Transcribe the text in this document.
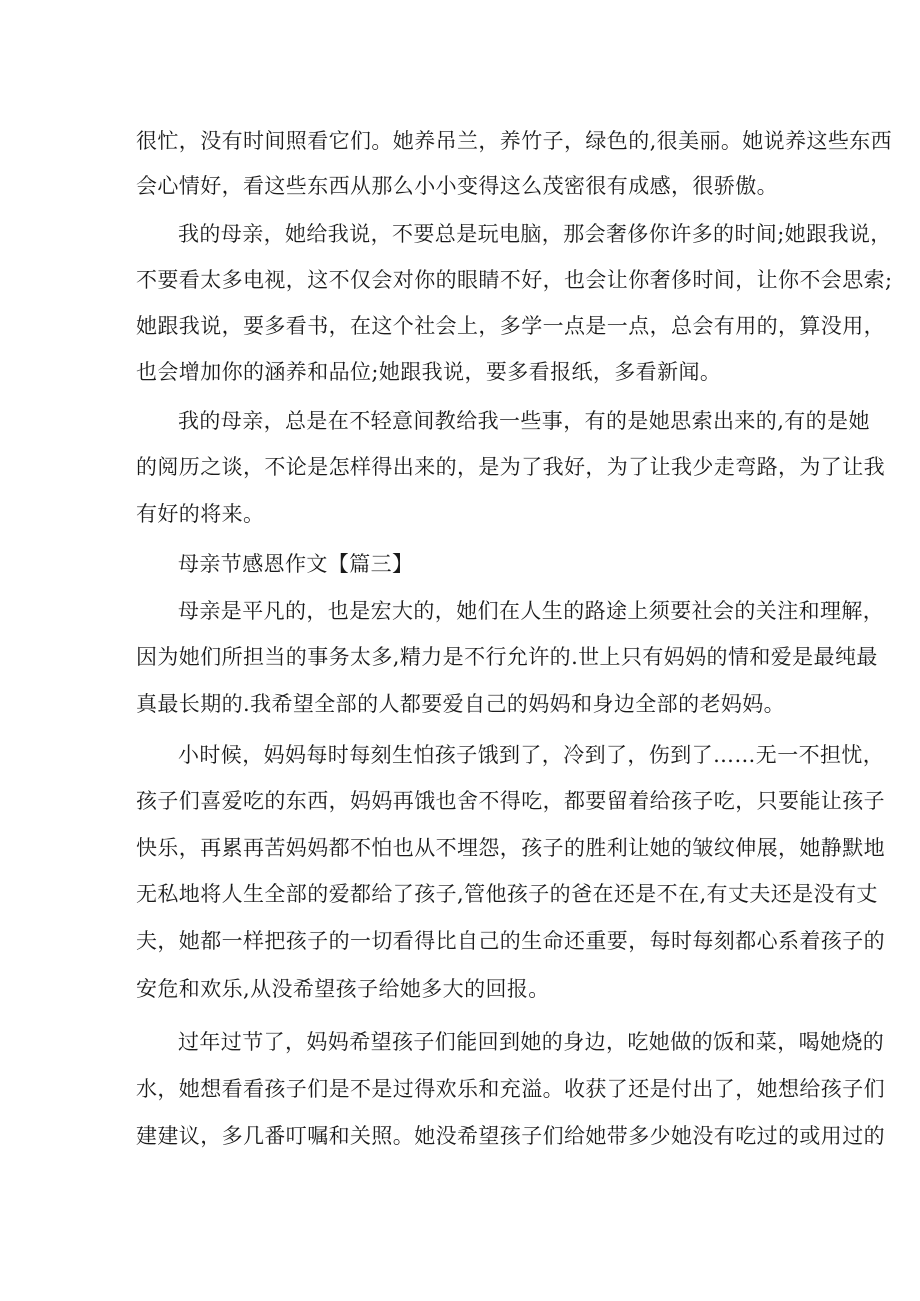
很忙，没有时间照看它们。她养吊兰，养竹子，绿色的,很美丽。她说养这些东西
会心情好，看这些东西从那么小小变得这么茂密很有成感，很骄傲。
我的母亲，她给我说，不要总是玩电脑，那会奢侈你许多的时间;她跟我说，
不要看太多电视，这不仅会对你的眼睛不好，也会让你奢侈时间，让你不会思索;
她跟我说，要多看书，在这个社会上，多学一点是一点，总会有用的，算没用，
也会增加你的涵养和品位;她跟我说，要多看报纸，多看新闻。
我的母亲，总是在不轻意间教给我一些事，有的是她思索出来的,有的是她
的阅历之谈，不论是怎样得出来的，是为了我好，为了让我少走弯路，为了让我
有好的将来。
母亲节感恩作文【篇三】
母亲是平凡的，也是宏大的，她们在人生的路途上须要社会的关注和理解，
因为她们所担当的事务太多,精力是不行允许的.世上只有妈妈的情和爱是最纯最
真最长期的.我希望全部的人都要爱自己的妈妈和身边全部的老妈妈。
小时候，妈妈每时每刻生怕孩子饿到了，冷到了，伤到了……无一不担忧，
孩子们喜爱吃的东西，妈妈再饿也舍不得吃，都要留着给孩子吃，只要能让孩子
快乐，再累再苦妈妈都不怕也从不埋怨，孩子的胜利让她的皱纹伸展，她静默地
无私地将人生全部的爱都给了孩子,管他孩子的爸在还是不在,有丈夫还是没有丈
夫，她都一样把孩子的一切看得比自己的生命还重要，每时每刻都心系着孩子的
安危和欢乐,从没希望孩子给她多大的回报。
过年过节了，妈妈希望孩子们能回到她的身边，吃她做的饭和菜，喝她烧的
水，她想看看孩子们是不是过得欢乐和充溢。收获了还是付出了，她想给孩子们
建建议，多几番叮嘱和关照。她没希望孩子们给她带多少她没有吃过的或用过的
